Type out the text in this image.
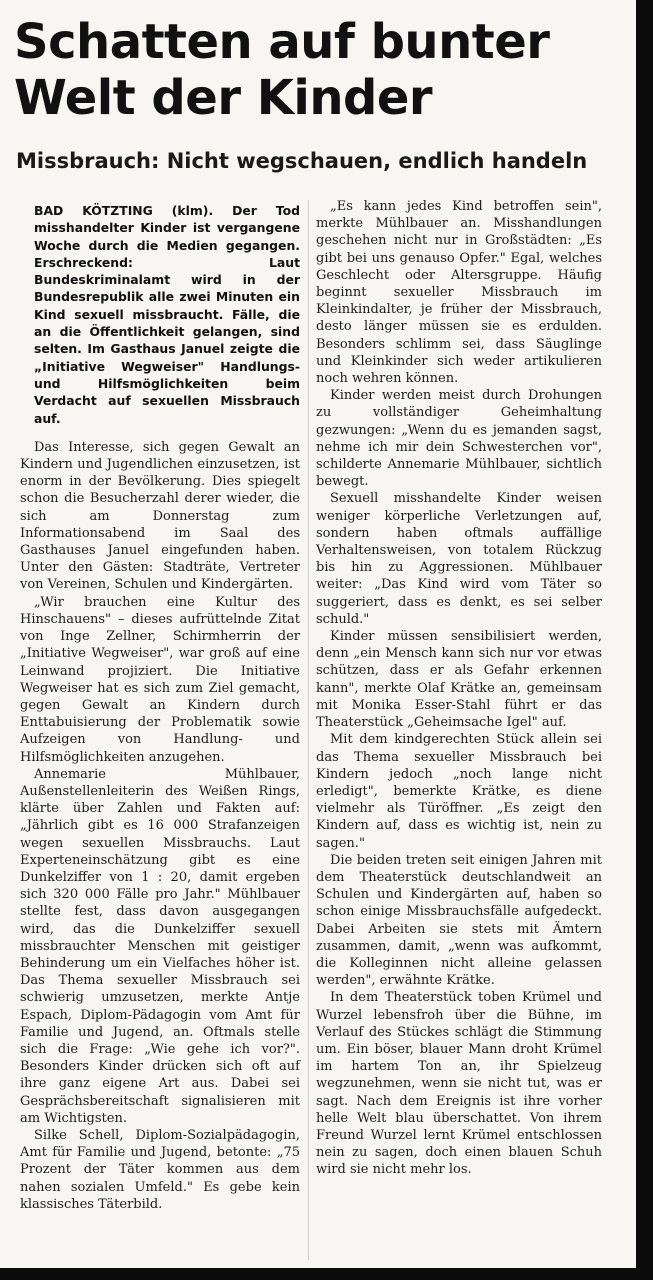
Schatten auf bunter Welt der Kinder
Missbrauch: Nicht wegschauen, endlich handeln

BAD KÖTZTING (klm). Der Tod misshandelter Kinder ist vergangene Woche durch die Medien gegangen. Erschreckend: Laut Bundeskriminalamt wird in der Bundesrepublik alle zwei Minuten ein Kind sexuell missbraucht. Fälle, die an die Öffentlichkeit gelangen, sind selten. Im Gasthaus Januel zeigte die „Initiative Wegweiser" Handlungs- und Hilfsmöglichkeiten beim Verdacht auf sexuellen Missbrauch auf.

Das Interesse, sich gegen Gewalt an Kindern und Jugendlichen einzusetzen, ist enorm in der Bevölkerung. Dies spiegelt schon die Besucherzahl derer wieder, die sich am Donnerstag zum Informationsabend im Saal des Gasthauses Januel eingefunden haben. Unter den Gästen: Stadträte, Vertreter von Vereinen, Schulen und Kindergärten.

„Wir brauchen eine Kultur des Hinschauens" – dieses aufrüttelnde Zitat von Inge Zellner, Schirmherrin der „Initiative Wegweiser", war groß auf eine Leinwand projiziert. Die Initiative Wegweiser hat es sich zum Ziel gemacht, gegen Gewalt an Kindern durch Enttabuisierung der Problematik sowie Aufzeigen von Handlung- und Hilfsmöglichkeiten anzugehen.

Annemarie Mühlbauer, Außenstellenleiterin des Weißen Rings, klärte über Zahlen und Fakten auf: „Jährlich gibt es 16 000 Strafanzeigen wegen sexuellen Missbrauchs. Laut Experteneinschätzung gibt es eine Dunkelziffer von 1 : 20, damit ergeben sich 320 000 Fälle pro Jahr." Mühlbauer stellte fest, dass davon ausgegangen wird, das die Dunkelziffer sexuell missbrauchter Menschen mit geistiger Behinderung um ein Vielfaches höher ist. Das Thema sexueller Missbrauch sei schwierig umzusetzen, merkte Antje Espach, Diplom-Pädagogin vom Amt für Familie und Jugend, an. Oftmals stelle sich die Frage: „Wie gehe ich vor?". Besonders Kinder drücken sich oft auf ihre ganz eigene Art aus. Dabei sei Gesprächsbereitschaft signalisieren mit am Wichtigsten.

Silke Schell, Diplom-Sozialpädagogin, Amt für Familie und Jugend, betonte: „75 Prozent der Täter kommen aus dem nahen sozialen Umfeld." Es gebe kein klassisches Täterbild.

„Es kann jedes Kind betroffen sein", merkte Mühlbauer an. Misshandlungen geschehen nicht nur in Großstädten: „Es gibt bei uns genauso Opfer." Egal, welches Geschlecht oder Altersgruppe. Häufig beginnt sexueller Missbrauch im Kleinkindalter, je früher der Missbrauch, desto länger müssen sie es erdulden. Besonders schlimm sei, dass Säuglinge und Kleinkinder sich weder artikulieren noch wehren können.

Kinder werden meist durch Drohungen zu vollständiger Geheimhaltung gezwungen: „Wenn du es jemanden sagst, nehme ich mir dein Schwesterchen vor", schilderte Annemarie Mühlbauer, sichtlich bewegt.

Sexuell misshandelte Kinder weisen weniger körperliche Verletzungen auf, sondern haben oftmals auffällige Verhaltensweisen, von totalem Rückzug bis hin zu Aggressionen. Mühlbauer weiter: „Das Kind wird vom Täter so suggeriert, dass es denkt, es sei selber schuld."

Kinder müssen sensibilisiert werden, denn „ein Mensch kann sich nur vor etwas schützen, dass er als Gefahr erkennen kann", merkte Olaf Krätke an, gemeinsam mit Monika Esser-Stahl führt er das Theaterstück „Geheimsache Igel" auf.

Mit dem kindgerechten Stück allein sei das Thema sexueller Missbrauch bei Kindern jedoch „noch lange nicht erledigt", bemerkte Krätke, es diene vielmehr als Türöffner. „Es zeigt den Kindern auf, dass es wichtig ist, nein zu sagen."

Die beiden treten seit einigen Jahren mit dem Theaterstück deutschlandweit an Schulen und Kindergärten auf, haben so schon einige Missbrauchsfälle aufgedeckt. Dabei Arbeiten sie stets mit Ämtern zusammen, damit, „wenn was aufkommt, die Kolleginnen nicht alleine gelassen werden", erwähnte Krätke.

In dem Theaterstück toben Krümel und Wurzel lebensfroh über die Bühne, im Verlauf des Stückes schlägt die Stimmung um. Ein böser, blauer Mann droht Krümel im hartem Ton an, ihr Spielzeug wegzunehmen, wenn sie nicht tut, was er sagt. Nach dem Ereignis ist ihre vorher helle Welt blau überschattet. Von ihrem Freund Wurzel lernt Krümel entschlossen nein zu sagen, doch einen blauen Schuh wird sie nicht mehr los.
